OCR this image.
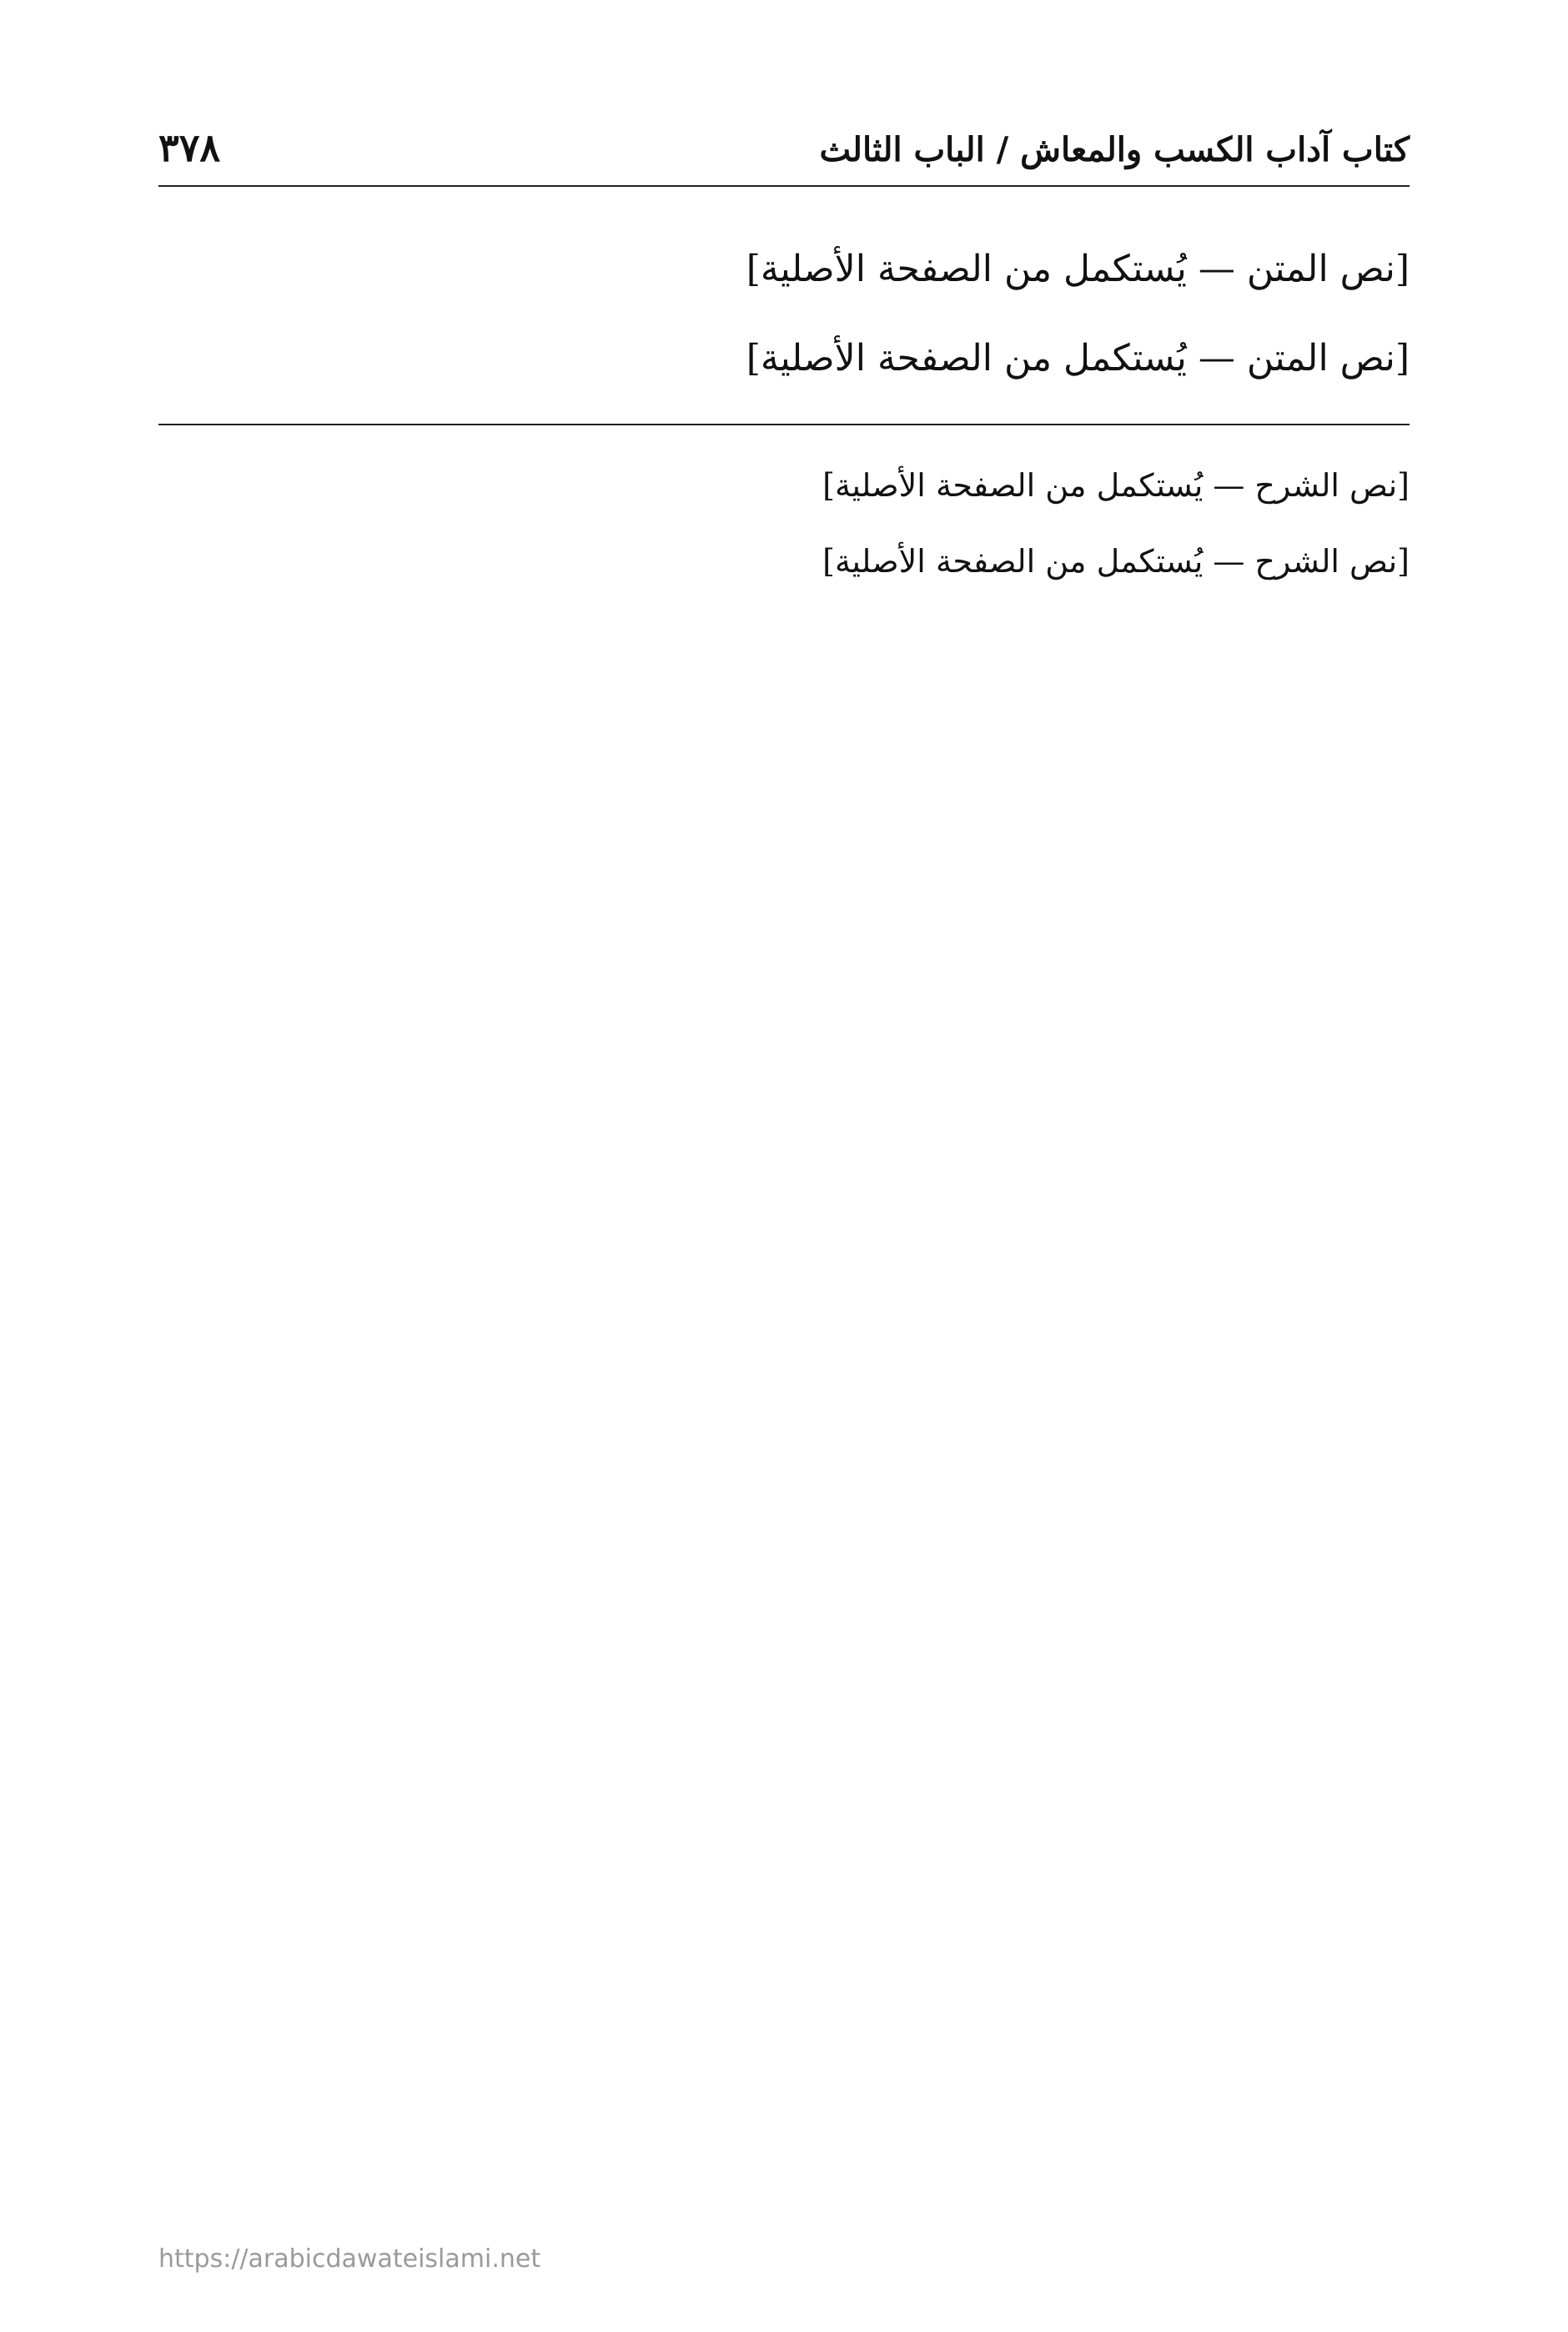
كتاب آداب الكسب والمعاش / الباب الثالث
٣٧٨

[نص المتن — يُستكمل من الصفحة الأصلية]

[نص المتن — يُستكمل من الصفحة الأصلية]

[نص الشرح — يُستكمل من الصفحة الأصلية]

[نص الشرح — يُستكمل من الصفحة الأصلية]

https://arabicdawateislami.net
